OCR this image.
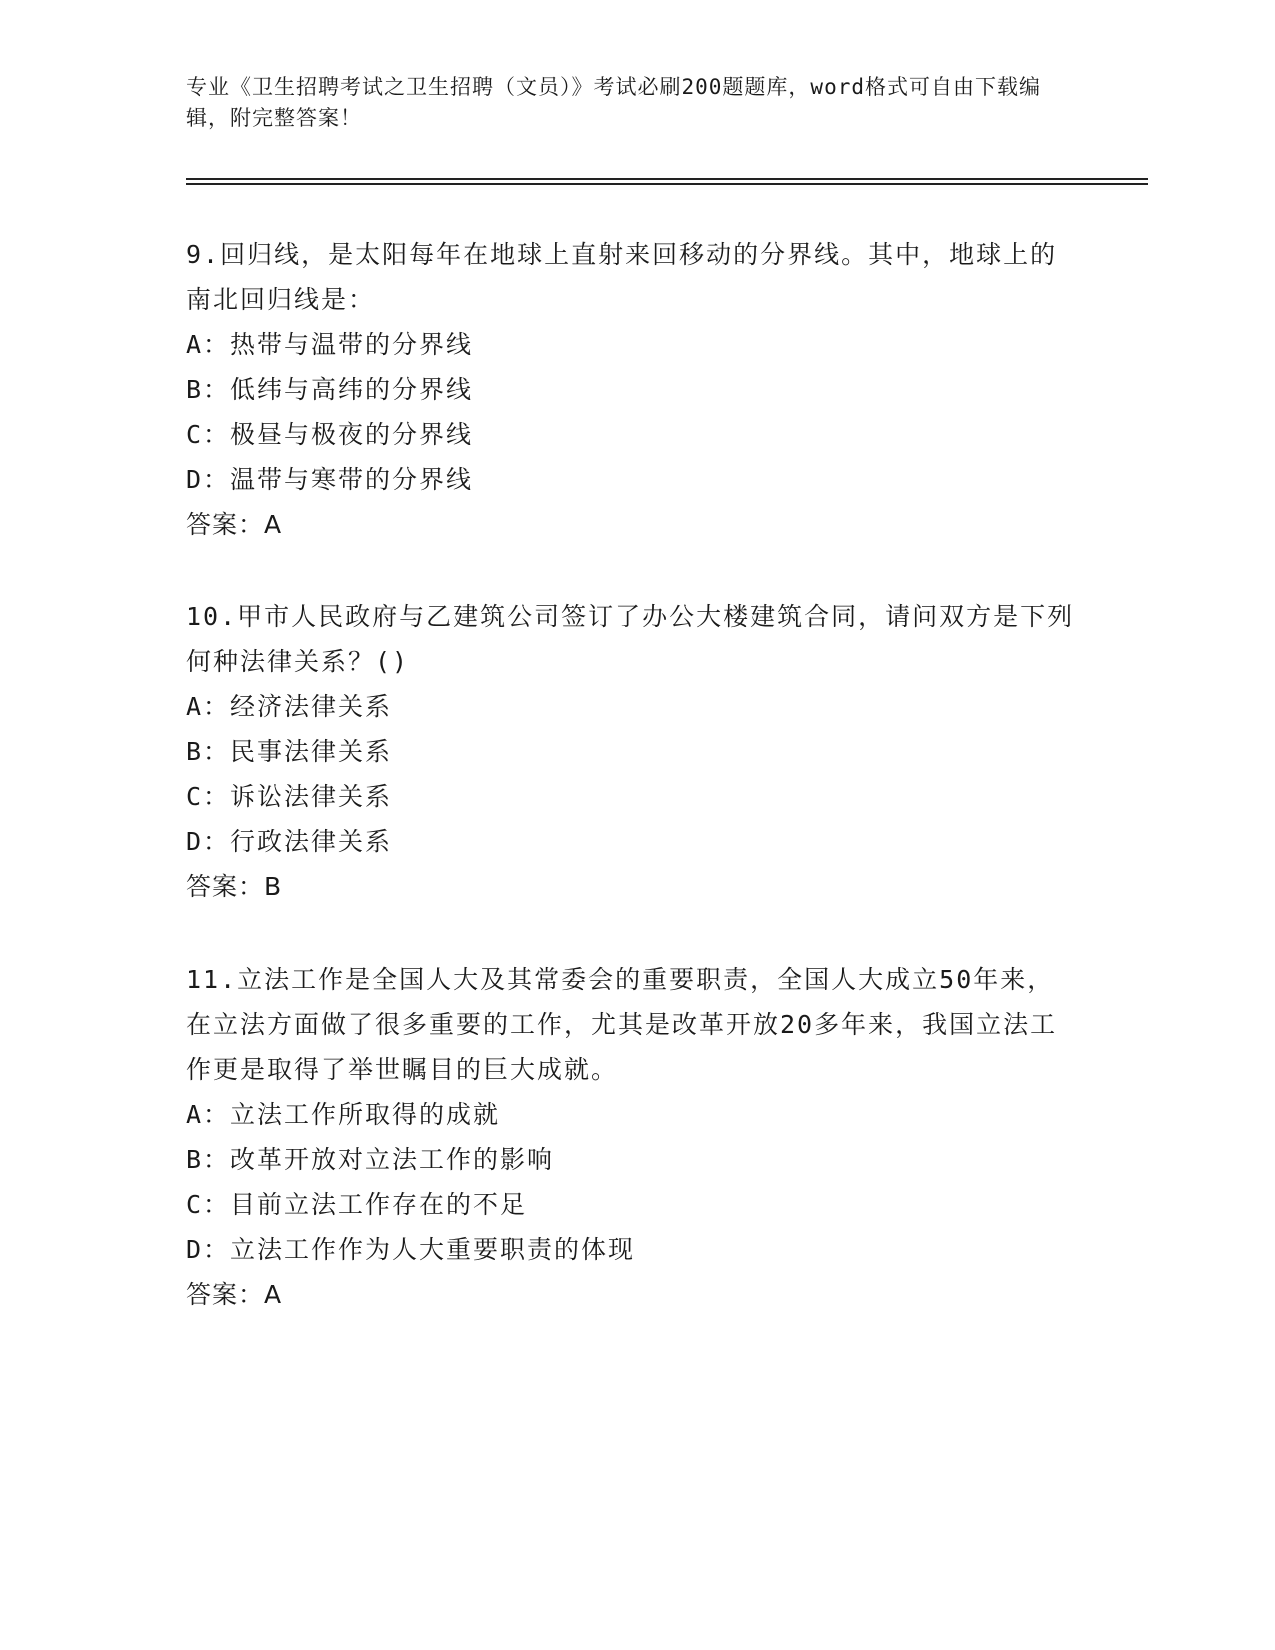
专业《卫生招聘考试之卫生招聘（文员）》考试必刷200题题库，word格式可自由下载编辑，附完整答案！
9.回归线，是太阳每年在地球上直射来回移动的分界线。其中，地球上的南北回归线是：
A：热带与温带的分界线
B：低纬与高纬的分界线
C：极昼与极夜的分界线
D：温带与寒带的分界线
答案：A
10.甲市人民政府与乙建筑公司签订了办公大楼建筑合同，请问双方是下列何种法律关系？()
A：经济法律关系
B：民事法律关系
C：诉讼法律关系
D：行政法律关系
答案：B
11.立法工作是全国人大及其常委会的重要职责，全国人大成立50年来，在立法方面做了很多重要的工作，尤其是改革开放20多年来，我国立法工作更是取得了举世瞩目的巨大成就。
A：立法工作所取得的成就
B：改革开放对立法工作的影响
C：目前立法工作存在的不足
D：立法工作作为人大重要职责的体现
答案：A
